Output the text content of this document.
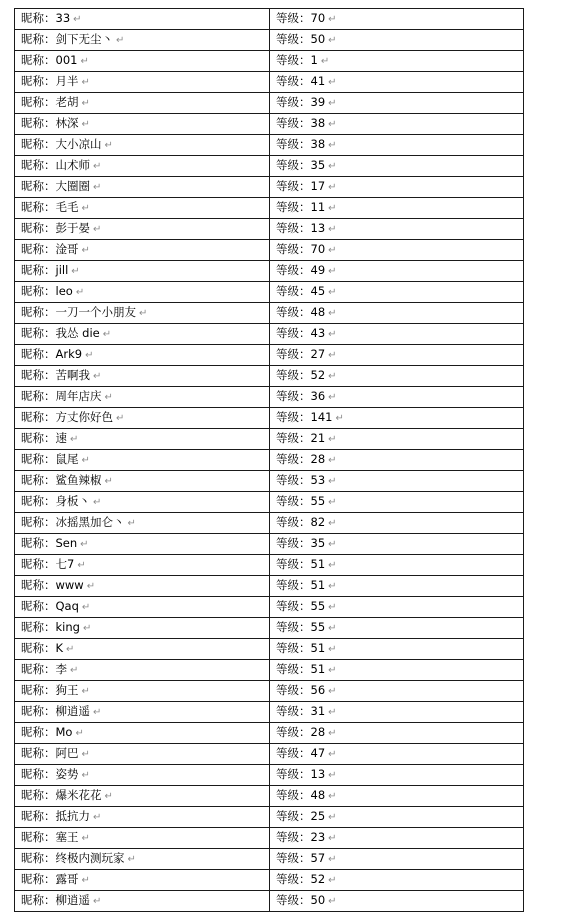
昵称：33 ↵	等级：70 ↵
昵称：剑下无尘丶 ↵	等级：50 ↵
昵称：001 ↵	等级：1 ↵
昵称：月半 ↵	等级：41 ↵
昵称：老胡 ↵	等级：39 ↵
昵称：林深 ↵	等级：38 ↵
昵称：大小凉山 ↵	等级：38 ↵
昵称：山术师 ↵	等级：35 ↵
昵称：大圈圈 ↵	等级：17 ↵
昵称：毛毛 ↵	等级：11 ↵
昵称：彭于晏 ↵	等级：13 ↵
昵称：淦哥 ↵	等级：70 ↵
昵称：jill ↵	等级：49 ↵
昵称：leo ↵	等级：45 ↵
昵称：一刀一个小朋友 ↵	等级：48 ↵
昵称：我怂 die ↵	等级：43 ↵
昵称：Ark9 ↵	等级：27 ↵
昵称：苦啊我 ↵	等级：52 ↵
昵称：周年店庆 ↵	等级：36 ↵
昵称：方丈你好色 ↵	等级：141 ↵
昵称：速 ↵	等级：21 ↵
昵称：鼠尾 ↵	等级：28 ↵
昵称：鲨鱼辣椒 ↵	等级：53 ↵
昵称：身板丶 ↵	等级：55 ↵
昵称：冰摇黑加仑丶 ↵	等级：82 ↵
昵称：Sen ↵	等级：35 ↵
昵称：七7 ↵	等级：51 ↵
昵称：www ↵	等级：51 ↵
昵称：Qaq ↵	等级：55 ↵
昵称：king ↵	等级：55 ↵
昵称：K ↵	等级：51 ↵
昵称：李 ↵	等级：51 ↵
昵称：狗王 ↵	等级：56 ↵
昵称：柳逍遥 ↵	等级：31 ↵
昵称：Mo ↵	等级：28 ↵
昵称：阿巴 ↵	等级：47 ↵
昵称：姿势 ↵	等级：13 ↵
昵称：爆米花花 ↵	等级：48 ↵
昵称：抵抗力 ↵	等级：25 ↵
昵称：塞王 ↵	等级：23 ↵
昵称：终极内测玩家 ↵	等级：57 ↵
昵称：露哥 ↵	等级：52 ↵
昵称：柳逍遥 ↵	等级：50 ↵
